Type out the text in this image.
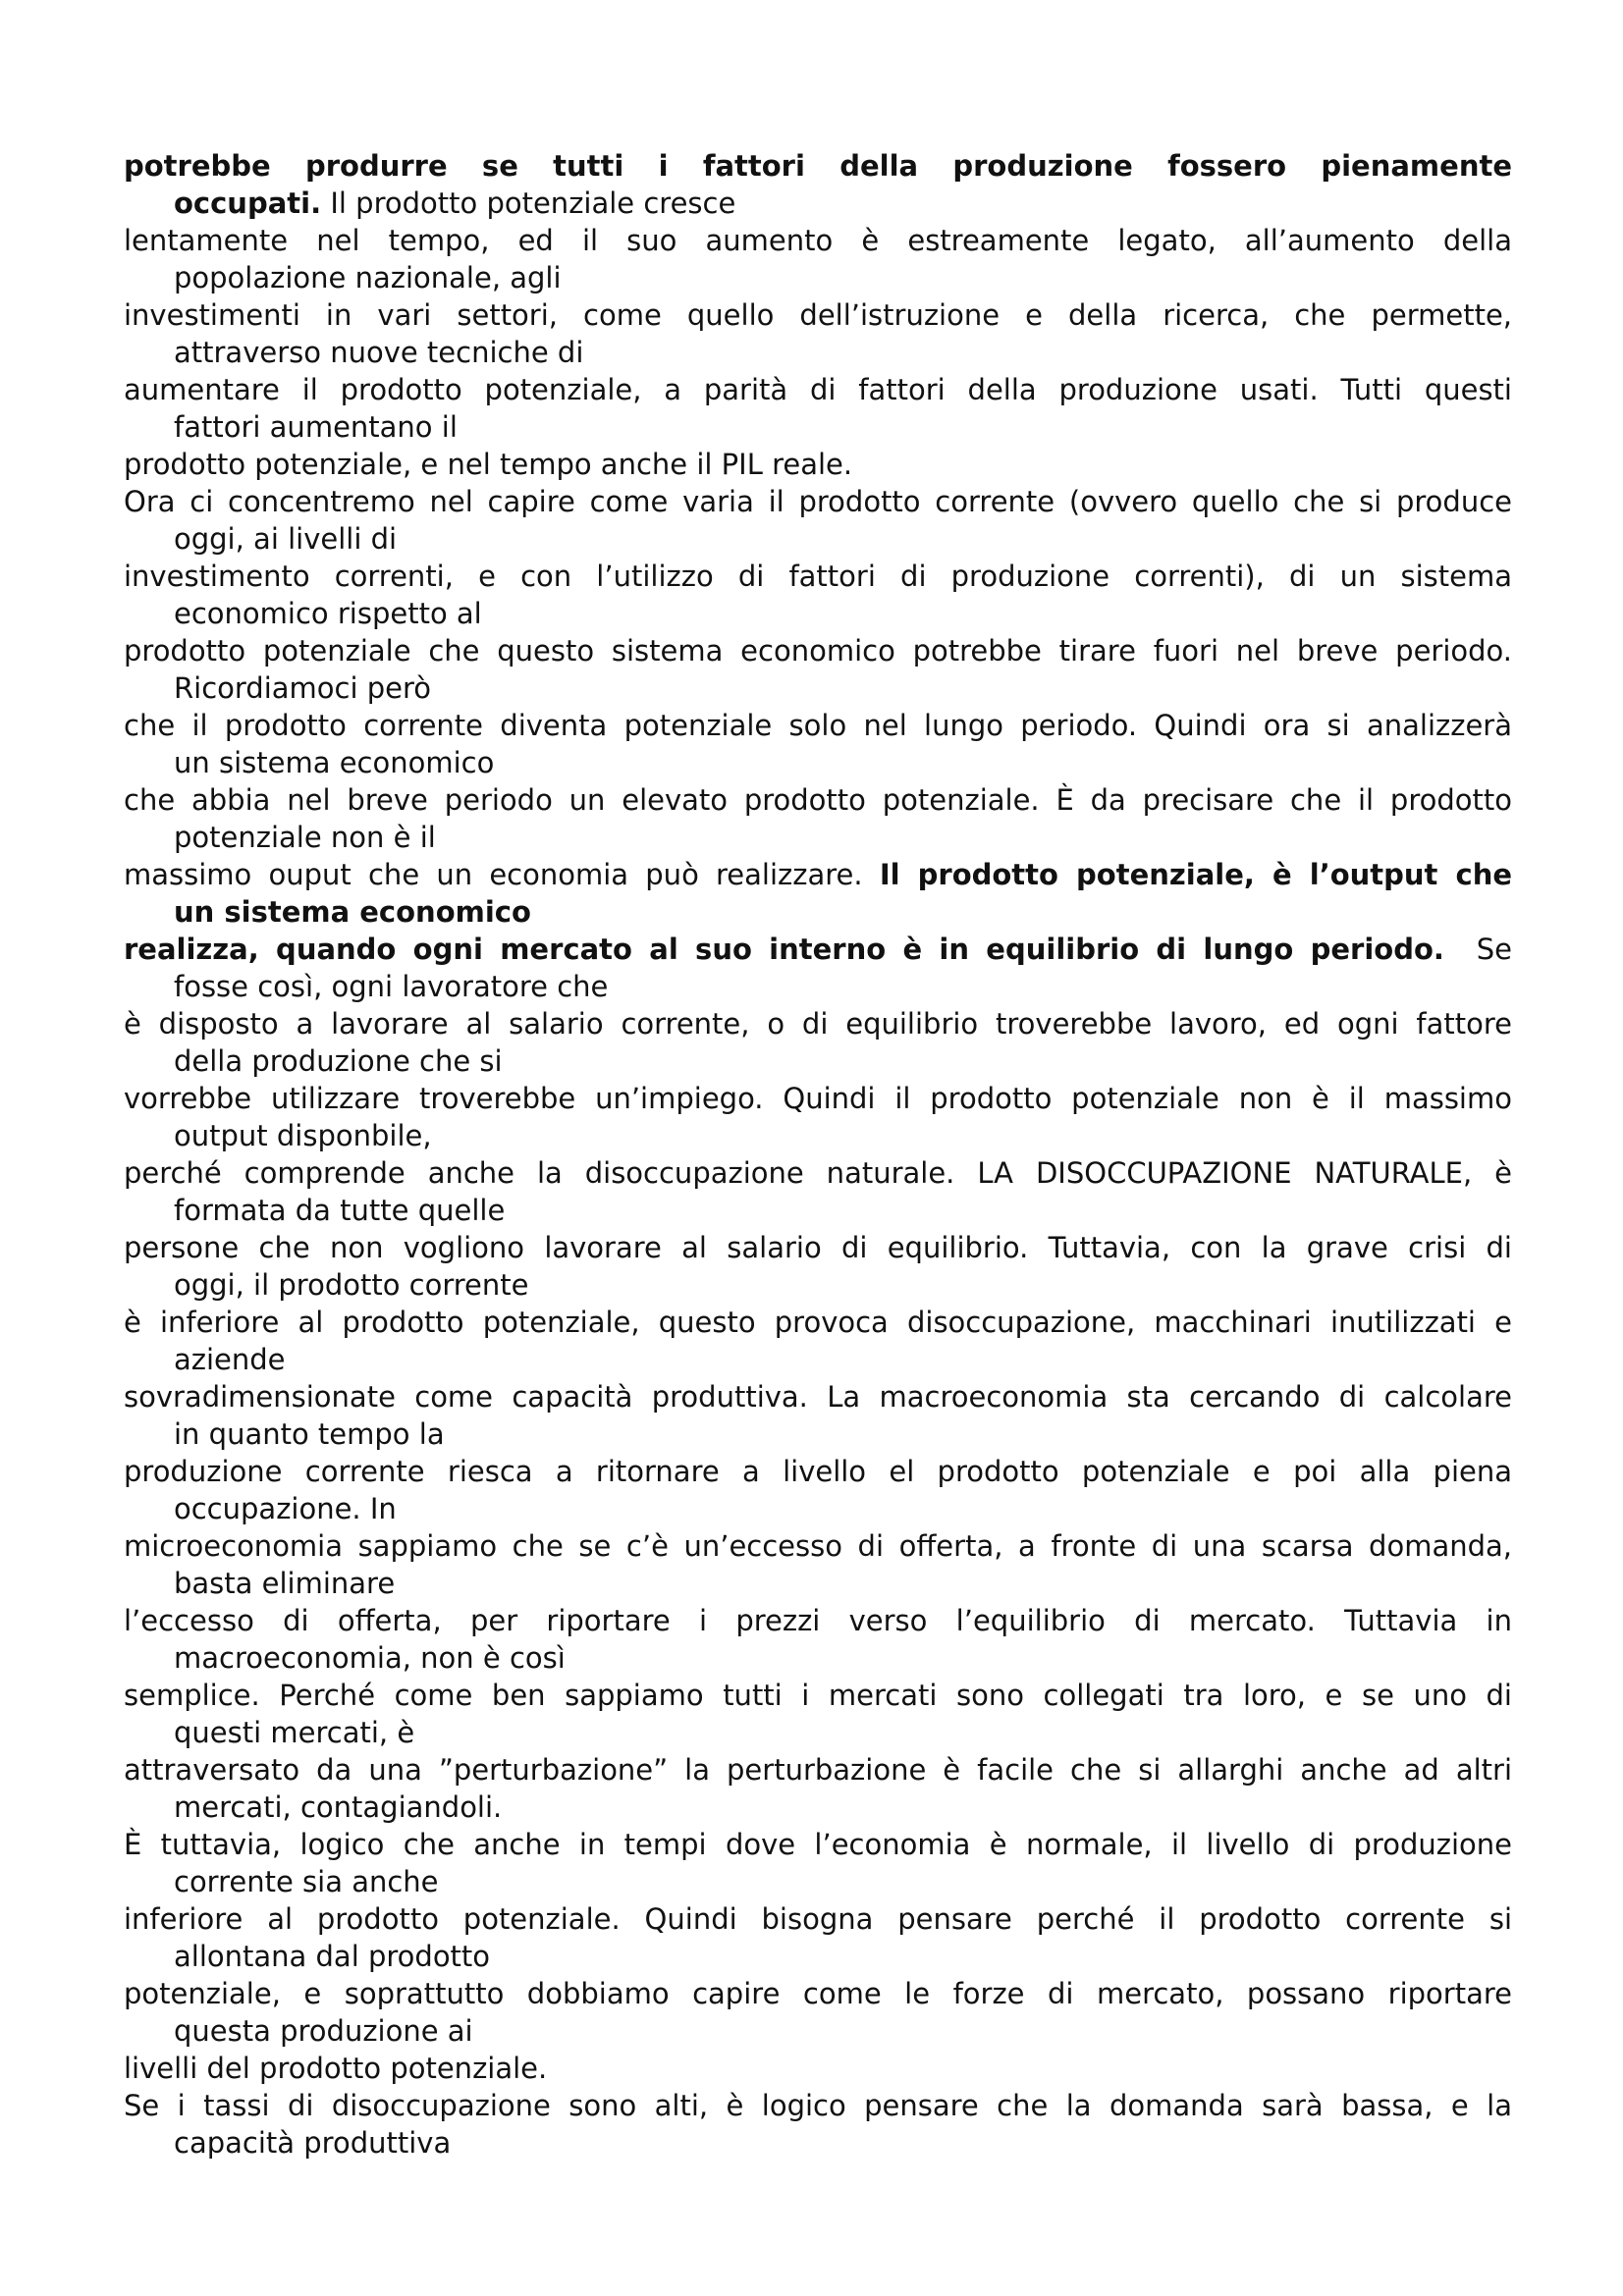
potrebbe produrre se tutti i fattori della produzione fossero pienamente
occupati. Il prodotto potenziale cresce

lentamente nel tempo, ed il suo aumento è estreamente legato, all’aumento della
popolazione nazionale, agli

investimenti in vari settori, come quello dell’istruzione e della ricerca, che permette,
attraverso nuove tecniche di

aumentare il prodotto potenziale, a parità di fattori della produzione usati. Tutti questi
fattori aumentano il

prodotto potenziale, e nel tempo anche il PIL reale.

Ora ci concentremo nel capire come varia il prodotto corrente (ovvero quello che si produce
oggi, ai livelli di

investimento correnti, e con l’utilizzo di fattori di produzione correnti), di un sistema
economico rispetto al

prodotto potenziale che questo sistema economico potrebbe tirare fuori nel breve periodo.
Ricordiamoci però

che il prodotto corrente diventa potenziale solo nel lungo periodo. Quindi ora si analizzerà
un sistema economico

che abbia nel breve periodo un elevato prodotto potenziale. È da precisare che il prodotto
potenziale non è il

massimo ouput che un economia può realizzare. Il prodotto potenziale, è l’output che
un sistema economico

realizza, quando ogni mercato al suo interno è in equilibrio di lungo periodo.  Se
fosse così, ogni lavoratore che

è disposto a lavorare al salario corrente, o di equilibrio troverebbe lavoro, ed ogni fattore
della produzione che si

vorrebbe utilizzare troverebbe un’impiego. Quindi il prodotto potenziale non è il massimo
output disponbile,

perché comprende anche la disoccupazione naturale. LA DISOCCUPAZIONE NATURALE, è
formata da tutte quelle

persone che non vogliono lavorare al salario di equilibrio. Tuttavia, con la grave crisi di
oggi, il prodotto corrente

è inferiore al prodotto potenziale, questo provoca disoccupazione, macchinari inutilizzati e
aziende

sovradimensionate come capacità produttiva. La macroeconomia sta cercando di calcolare
in quanto tempo la

produzione corrente riesca a ritornare a livello el prodotto potenziale e poi alla piena
occupazione. In

microeconomia sappiamo che se c’è un’eccesso di offerta, a fronte di una scarsa domanda,
basta eliminare

l’eccesso di offerta, per riportare i prezzi verso l’equilibrio di mercato. Tuttavia in
macroeconomia, non è così

semplice. Perché come ben sappiamo tutti i mercati sono collegati tra loro, e se uno di
questi mercati, è

attraversato da una ”perturbazione” la perturbazione è facile che si allarghi anche ad altri
mercati, contagiandoli.

È tuttavia, logico che anche in tempi dove l’economia è normale, il livello di produzione
corrente sia anche

inferiore al prodotto potenziale. Quindi bisogna pensare perché il prodotto corrente si
allontana dal prodotto

potenziale, e soprattutto dobbiamo capire come le forze di mercato, possano riportare
questa produzione ai

livelli del prodotto potenziale.

Se i tassi di disoccupazione sono alti, è logico pensare che la domanda sarà bassa, e la
capacità produttiva
